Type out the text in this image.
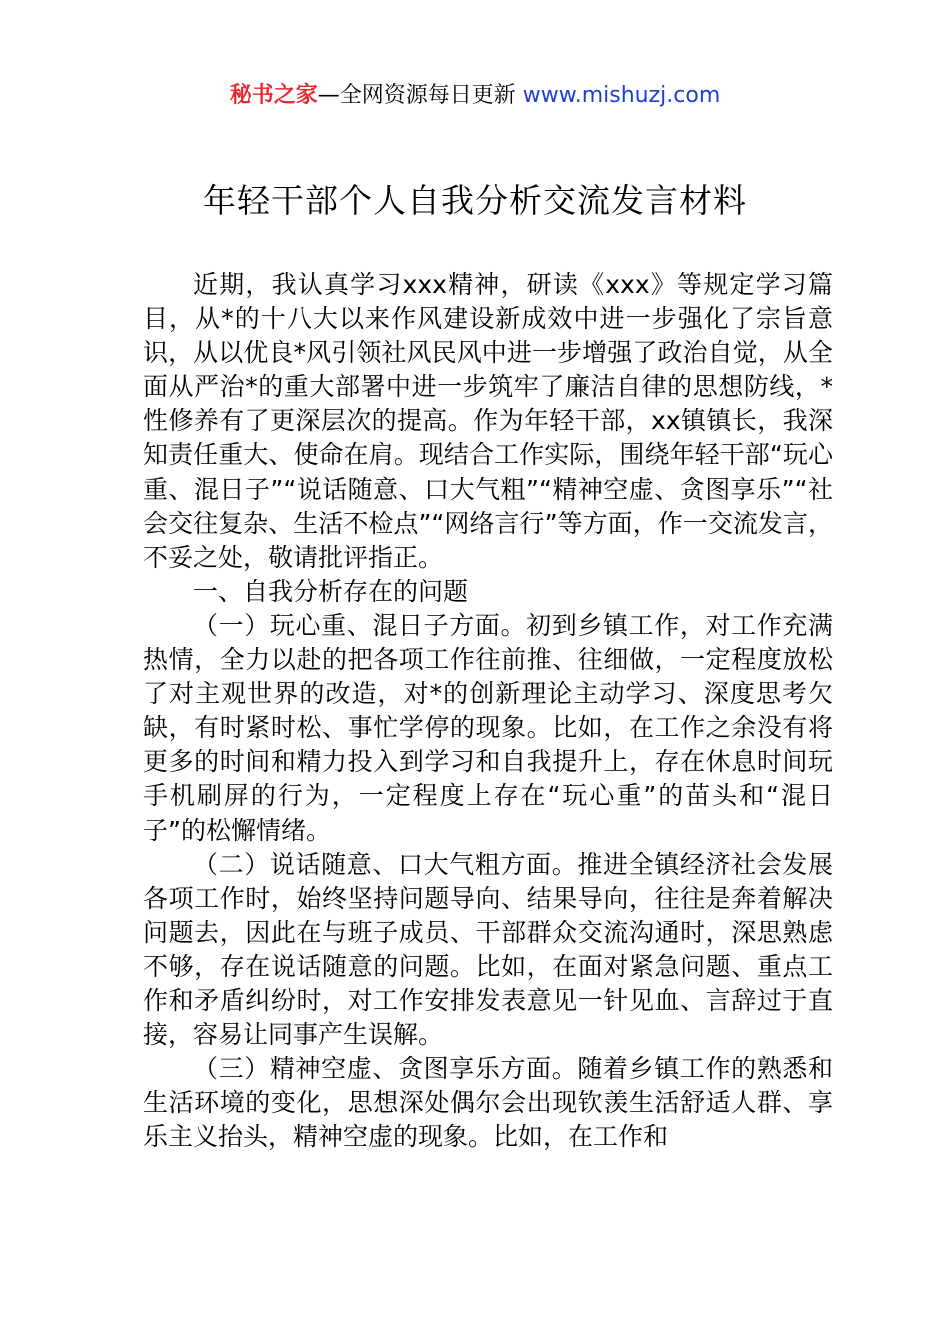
秘书之家—全网资源每日更新 www.mishuzj.com
年轻干部个人自我分析交流发言材料

近期，我认真学习xxx精神，研读《xxx》等规定学习篇目，从*的十八大以来作风建设新成效中进一步强化了宗旨意识，从以优良*风引领社风民风中进一步增强了政治自觉，从全面从严治*的重大部署中进一步筑牢了廉洁自律的思想防线，*性修养有了更深层次的提高。作为年轻干部，xx镇镇长，我深知责任重大、使命在肩。现结合工作实际，围绕年轻干部“玩心重、混日子”“说话随意、口大气粗”“精神空虚、贪图享乐”“社会交往复杂、生活不检点”“网络言行”等方面，作一交流发言，不妥之处，敬请批评指正。

一、自我分析存在的问题

（一）玩心重、混日子方面。初到乡镇工作，对工作充满热情，全力以赴的把各项工作往前推、往细做，一定程度放松了对主观世界的改造，对*的创新理论主动学习、深度思考欠缺，有时紧时松、事忙学停的现象。比如，在工作之余没有将更多的时间和精力投入到学习和自我提升上，存在休息时间玩手机刷屏的行为，一定程度上存在“玩心重”的苗头和“混日子”的松懈情绪。

（二）说话随意、口大气粗方面。推进全镇经济社会发展各项工作时，始终坚持问题导向、结果导向，往往是奔着解决问题去，因此在与班子成员、干部群众交流沟通时，深思熟虑不够，存在说话随意的问题。比如，在面对紧急问题、重点工作和矛盾纠纷时，对工作安排发表意见一针见血、言辞过于直接，容易让同事产生误解。

（三）精神空虚、贪图享乐方面。随着乡镇工作的熟悉和生活环境的变化，思想深处偶尔会出现钦羡生活舒适人群、享乐主义抬头，精神空虚的现象。比如，在工作和
